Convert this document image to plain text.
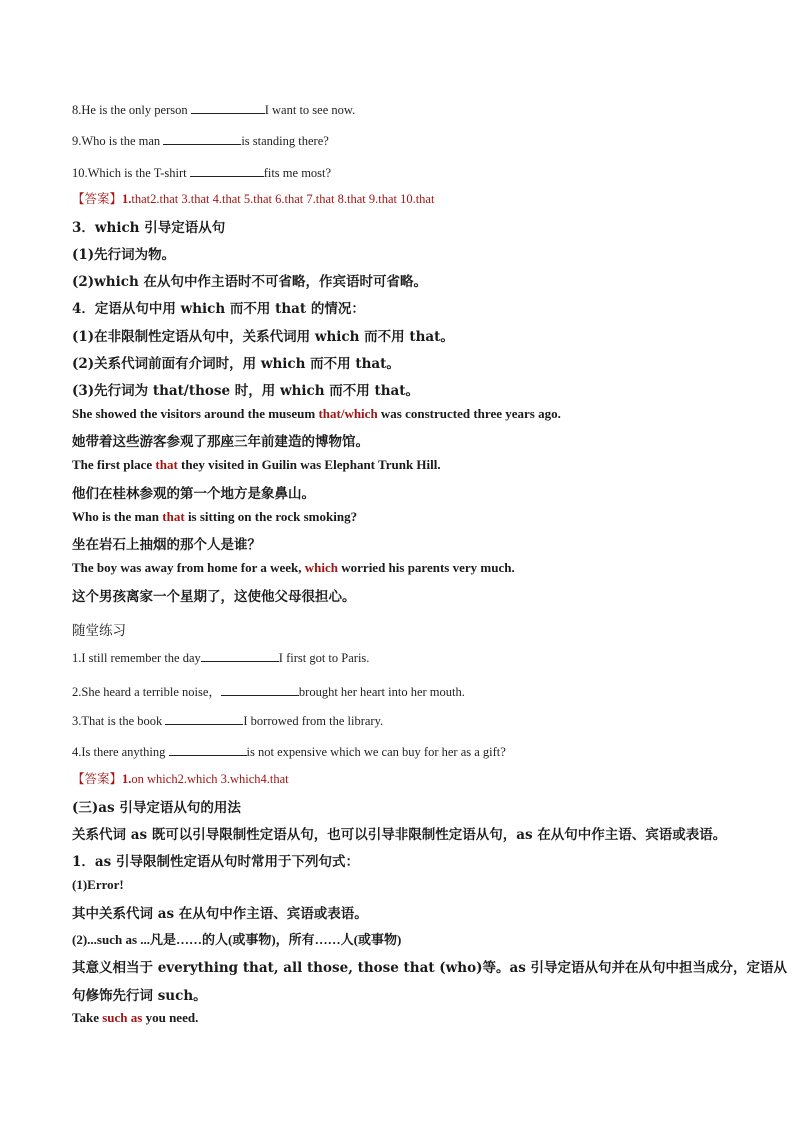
8.He is the only person	I want to see now.
9.Who is the man	is standing there?
10.Which is the T-shirt	fits me most?
【答案】1.that2.that 3.that 4.that 5.that 6.that 7.that 8.that 9.that 10.that
3．which 引导定语从句
(1)先行词为物。
(2)which 在从句中作主语时不可省略，作宾语时可省略。
4．定语从句中用 which 而不用 that 的情况：
(1)在非限制性定语从句中，关系代词用 which 而不用 that。
(2)关系代词前面有介词时，用 which 而不用 that。
(3)先行词为 that/those 时，用 which 而不用 that。
She showed the visitors around the museum that/which was constructed three years ago.
她带着这些游客参观了那座三年前建造的博物馆。
The first place that they visited in Guilin was Elephant Trunk Hill.
他们在桂林参观的第一个地方是象鼻山。
Who is the man that is sitting on the rock smoking?
坐在岩石上抽烟的那个人是谁？
The boy was away from home for a week, which worried his parents very much.
这个男孩离家一个星期了，这使他父母很担心。
随堂练习
1.I still remember the day	I first got to Paris.
2.She heard a terrible noise，	brought her heart into her mouth.
3.That is the book	I borrowed from the library.
4.Is there anything	is not expensive which we can buy for her as a gift?
【答案】1.on which2.which 3.which4.that
(三)as 引导定语从句的用法
关系代词 as 既可以引导限制性定语从句，也可以引导非限制性定语从句，as 在从句中作主语、宾语或表语。
1．as 引导限制性定语从句时常用于下列句式：
(1)Error!
其中关系代词 as 在从句中作主语、宾语或表语。
(2)...such as ...凡是……的人(或事物)，所有……人(或事物)
其意义相当于 everything that, all those, those that (who)等。as 引导定语从句并在从句中担当成分，定语从
句修饰先行词 such。
Take such as you need.
